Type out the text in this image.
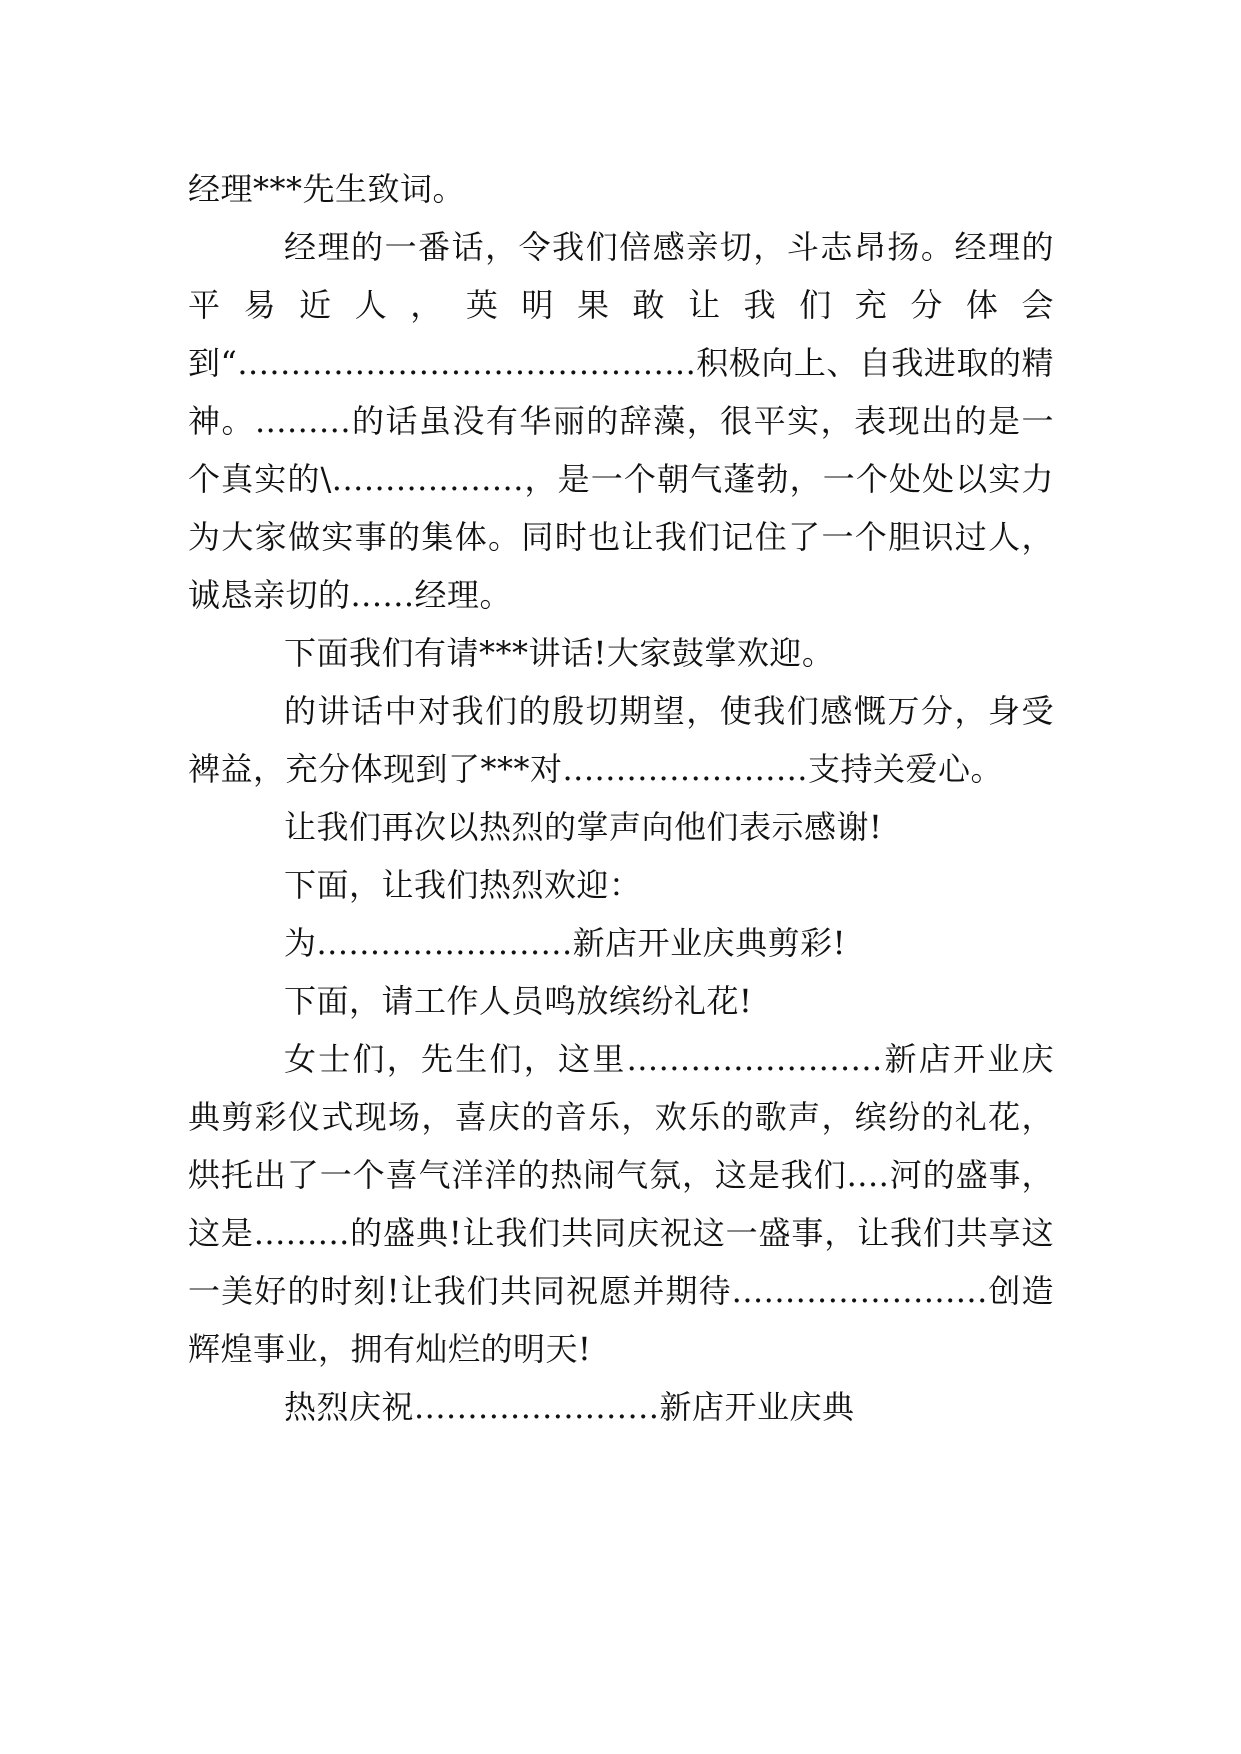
经理***先生致词。

经理的一番话，令我们倍感亲切，斗志昂扬。经理的平易近人，英明果敢让我们充分体会到“...........................................积极向上、自我进取的精神。.........的话虽没有华丽的辞藻，很平实，表现出的是一个真实的\..................，是一个朝气蓬勃，一个处处以实力为大家做实事的集体。同时也让我们记住了一个胆识过人，诚恳亲切的......经理。

下面我们有请***讲话!大家鼓掌欢迎。

的讲话中对我们的殷切期望，使我们感慨万分，身受裨益，充分体现到了***对.......................支持关爱心。

让我们再次以热烈的掌声向他们表示感谢!

下面，让我们热烈欢迎：

为........................新店开业庆典剪彩!

下面，请工作人员鸣放缤纷礼花!

女士们，先生们，这里........................新店开业庆典剪彩仪式现场，喜庆的音乐，欢乐的歌声，缤纷的礼花，烘托出了一个喜气洋洋的热闹气氛，这是我们....河的盛事，这是.........的盛典!让我们共同庆祝这一盛事，让我们共享这一美好的时刻!让我们共同祝愿并期待........................创造辉煌事业，拥有灿烂的明天!

热烈庆祝.......................新店开业庆典
